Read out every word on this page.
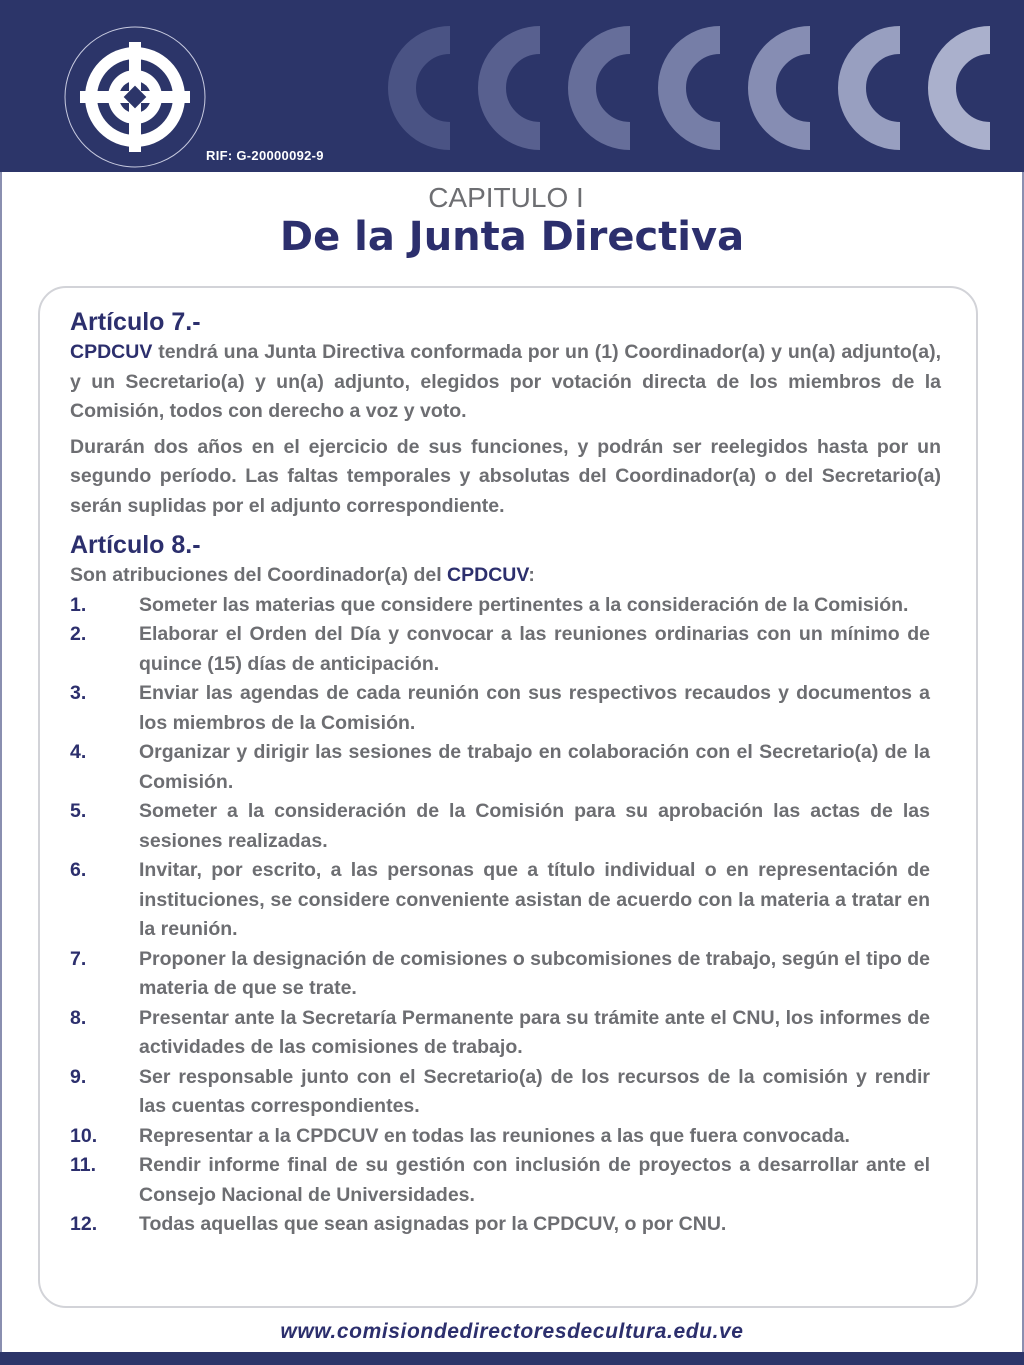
RIF: G-20000092-9
CAPITULO I
De la Junta Directiva
Artículo 7.-

CPDCUV tendrá una Junta Directiva conformada por un (1) Coordinador(a) y un(a) adjunto(a), y un Secretario(a) y un(a) adjunto, elegidos por votación directa de los miembros de la Comisión, todos con derecho a voz y voto.

Durarán dos años en el ejercicio de sus funciones, y podrán ser reelegidos hasta por un segundo período. Las faltas temporales y absolutas del Coordinador(a) o del Secretario(a) serán suplidas por el adjunto correspondiente.

Artículo 8.-

Son atribuciones del Coordinador(a) del CPDCUV:

1.	Someter las materias que considere pertinentes a la consideración de la Comisión.
2.	Elaborar el Orden del Día y convocar a las reuniones ordinarias con un mínimo de quince (15) días de anticipación.
3.	Enviar las agendas de cada reunión con sus respectivos recaudos y documentos a los miembros de la Comisión.
4.	Organizar y dirigir las sesiones de trabajo en colaboración con el Secretario(a) de la Comisión.
5.	Someter a la consideración de la Comisión para su aprobación las actas de las sesiones realizadas.
6.	Invitar, por escrito, a las personas que a título individual o en representación de instituciones, se considere conveniente asistan de acuerdo con la materia a tratar en la reunión.
7.	Proponer la designación de comisiones o subcomisiones de trabajo, según el tipo de materia de que se trate.
8.	Presentar ante la Secretaría Permanente para su trámite ante el CNU, los informes de actividades de las comisiones de trabajo.
9.	Ser responsable junto con el Secretario(a) de los recursos de la comisión y rendir las cuentas correspondientes.
10.	Representar a la CPDCUV en todas las reuniones a las que fuera convocada.
11.	Rendir informe final de su gestión con inclusión de proyectos a desarrollar ante el Consejo Nacional de Universidades.
12.	Todas aquellas que sean asignadas por la CPDCUV, o por CNU.
www.comisiondedirectoresdecultura.edu.ve
